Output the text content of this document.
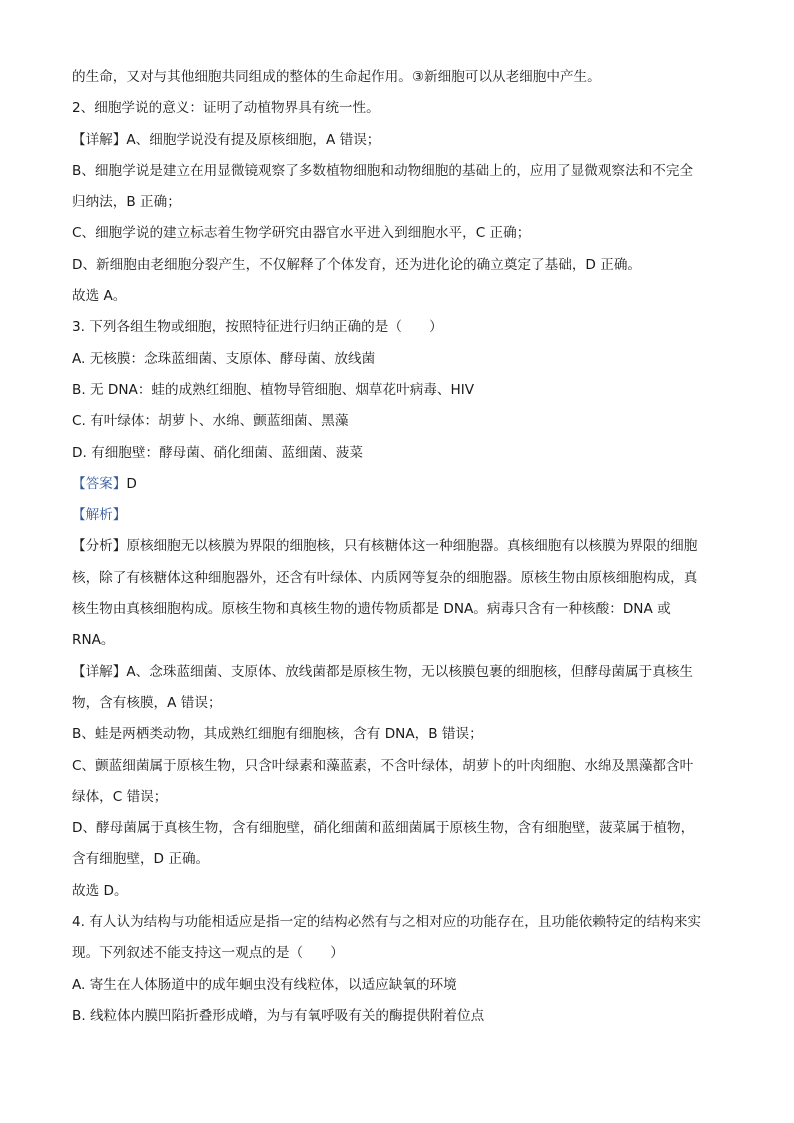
的生命，又对与其他细胞共同组成的整体的生命起作用。③新细胞可以从老细胞中产生。

2、细胞学说的意义：证明了动植物界具有统一性。

【详解】A、细胞学说没有提及原核细胞，A 错误；

B、细胞学说是建立在用显微镜观察了多数植物细胞和动物细胞的基础上的，应用了显微观察法和不完全

归纳法，B 正确；

C、细胞学说的建立标志着生物学研究由器官水平进入到细胞水平，C 正确；

D、新细胞由老细胞分裂产生，不仅解释了个体发育，还为进化论的确立奠定了基础，D 正确。

故选 A。

3. 下列各组生物或细胞，按照特征进行归纳正确的是（　　）

A. 无核膜：念珠蓝细菌、支原体、酵母菌、放线菌

B. 无 DNA：蛙的成熟红细胞、植物导管细胞、烟草花叶病毒、HIV

C. 有叶绿体：胡萝卜、水绵、颤蓝细菌、黑藻

D. 有细胞壁：酵母菌、硝化细菌、蓝细菌、菠菜

【答案】D

【解析】

【分析】原核细胞无以核膜为界限的细胞核，只有核糖体这一种细胞器。真核细胞有以核膜为界限的细胞

核，除了有核糖体这种细胞器外，还含有叶绿体、内质网等复杂的细胞器。原核生物由原核细胞构成，真

核生物由真核细胞构成。原核生物和真核生物的遗传物质都是 DNA。病毒只含有一种核酸：DNA 或

RNA。

【详解】A、念珠蓝细菌、支原体、放线菌都是原核生物，无以核膜包裹的细胞核，但酵母菌属于真核生

物，含有核膜，A 错误；

B、蛙是两栖类动物，其成熟红细胞有细胞核，含有 DNA，B 错误；

C、颤蓝细菌属于原核生物，只含叶绿素和藻蓝素，不含叶绿体，胡萝卜的叶肉细胞、水绵及黑藻都含叶

绿体，C 错误；

D、酵母菌属于真核生物，含有细胞壁，硝化细菌和蓝细菌属于原核生物，含有细胞壁，菠菜属于植物，

含有细胞壁，D 正确。

故选 D。

4. 有人认为结构与功能相适应是指一定的结构必然有与之相对应的功能存在，且功能依赖特定的结构来实

现。下列叙述不能支持这一观点的是（　　）

A. 寄生在人体肠道中的成年蛔虫没有线粒体，以适应缺氧的环境

B. 线粒体内膜凹陷折叠形成嵴，为与有氧呼吸有关的酶提供附着位点
